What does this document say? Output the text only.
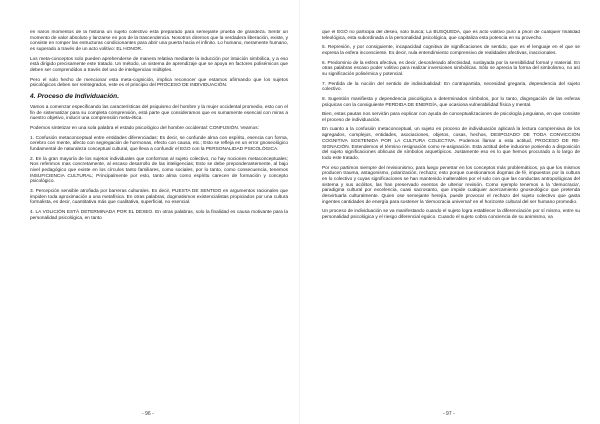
en naros momentos de la historia un sujeto colectivo esta preparado para semejante prueba de grandeza. Sentir un momento de valor absoluto y lanzarse en pos de la trascendencia. Nosotros diremos que la verdadera liberación, existe, y consiste en romper las estructuras condicionantes para abrir una puerta hacia el infinito. Lo humano, meramente humano, es superado a través de un acto volitivo: EL HONOR.

Los meta-conceptos solo pueden aprehenderse de manera relativa mediante la inducción por intuición simbólica, y a eso está dirigido precisamente este tratado. Un método, un sistema de aprendizaje que se apoya en factores polisémicos que deben ser comprendidos a través del uso de inteligencias múltiples.

Pero el solo hecho de mencionar esta meta-cognición, implica reconocer que estamos afirmando que los sujetos psicológicos deben ser reintegrados, este es el principio del PROCESO DE INDIVIDUACIÓN.

4. Proceso de Individuación.

Vamos a comenzar especificando las características del psiquismo del hombre y la mujer occidental promedio, esto con el fin de sistematizar para su completa comprensión, está parte que consideramos que es sumamente esencial con miras a nuestro objetivo, inducir una comprensión meta-ética.

Podemos sintetizar en una sola palabra el estado psicológico del hombre occidental: CONFUSIÓN. Veamos:

1. Confusión metaconceptual entre entidades diferenciadas: Es decir, se confunde alma con espíritu, esencia con forma, cerebro con mente, afecto con segregación de hormonas, efecto con causa, etc.; Esto se refleja en un error gnoseológico fundamental de naturaleza conceptual cultural, que lleva a confundir el EGO con la PERSONALIDAD PSICOLÓGICA.

2. En la gran mayoría de los sujetos individuales que conforman al sujeto colectivo, no hay nociones metaconceptuales; Nos referimos mas concretamente, al escaso desarrollo de las inteligencias; Esto se debe preponderantemente, al bajo nivel pedagógico que existe en los círculos tanto familiares, como sociales, por lo tanto, como consecuencia, tenemos INSUFICIENCIA CULTURAL; Principalmente por esto, tanto alma como espíritu carecen de formación y concepto psicológico.

3. Percepción sensible atrofiada por barreras culturales. Es decir, PUESTA DE SENTIDO en argumentos racionales que impiden toda aproximación a una metafísica. En otras palabras, dogmatismos existencialistas propiciados por una cultura formalista, es decir, cuantitativa más que cualitativa, superficial, no esencial.

4. LA VOLICIÓN ESTÁ DETERMINADA POR EL DESEO. En otras palabras, solo la finalidad es causa motivante para la personalidad psicológica, en tanto

- 96 -

que el EGO no participa del deseo, solo busca; La BÚSQUEDA, que es acto volitivo puro a priori de cualquier finalidad teleológica, esta subordinada a la personalidad psicológica, que capitaliza esta potencia en su provecho.

5. Represión, y por consiguiente, incapacidad cognitiva de significaciones de sentido, que es el lenguaje en el que se expresa la esfera inconsciente. Es decir, nula entendimiento comprensivo de realidades afectivas, inaccionales.

6. Predominio de la esfera afectiva, es decir, desordenado afectividad, soslayada por la sensibilidad formal y material. En otras palabras escaso poder volitivo para realizar inversiones simbólicas. Sólo se aprecia la forma del simbolismo, no así su significación polisémica y potencial.

7. Perdida de la noción del sentido de individualidad: En contrapartida, necesidad gregaria, dependencia del sujeto colectivo.

8. Sugestión manifiesta y dependencia psicológica a determinados símbolos, por lo tanto, disgregación de las esferas psíquicas con la consiguiente PERDIDA DE ENERGÍA, que ocasiona vulnerabilidad física y mental.

Bien, estas pautas nos servirán para explicar con ayuda de conceptualizaciones de psicología junguiana, en que consiste el proceso de individuación.

En cuanto a la confusión metaconceptual, un sujeto en proceso de individuación aplicará la lectura comprensiva de los agregados, complejos, entidades, asociaciones, objetos, cosas, hechos, DESPOJADO DE TODA CONVICCIÓN COGNITIVA SOSTENIDA POR LA CULTURA COLECTIVA. Podemos llamar a esta actitud, PROCESO DE RE-SIGNACIÓN. Entendemos el término resignación como re-asignación. Esta actitud debe inducirse poniendo a disposición del sujeto significaciones oblicuas de símbolos arquetípicos. Justamente eso es lo que hemos procurado a lo largo de todo este tratado.

Por eso partimos siempre del revisionismo, para luego penetrar en los conceptos más problemáticos, ya que los mismos producen trauma, antagonismo, polarización, rechazo; esto porque cuestionamos dogmas de fé, impuestos por la cultura en lo colectivo y cuyas significaciones se han mantenido inalterables por el solo con que las conductas antropológicas del sistema y sus acólitos, las han preservado exentos de ulterior revisión. Como ejemplo tenemos a la 'democracia', paradigma cultural por excelencia, cuasi sacrosanto, que impide cualquier acercamiento gnoseológico que pretenda desvirtuarla culturalmente. Quien ose semejante herejía, puede provocar el rechazo del sujeto colectivo que gasta ingentes cantidades de energía para sostener la 'democracia universal' en el horizonte cultural del ser humano promedio.

Un proceso de individuación se va manifestando cuando el sujeto logra establecer la diferenciación por sí mismo, entre su personalidad psicológica y el riesgo diferencial egoico. Cuando el sujeto cobra conciencia de su animismo, va

- 97 -
